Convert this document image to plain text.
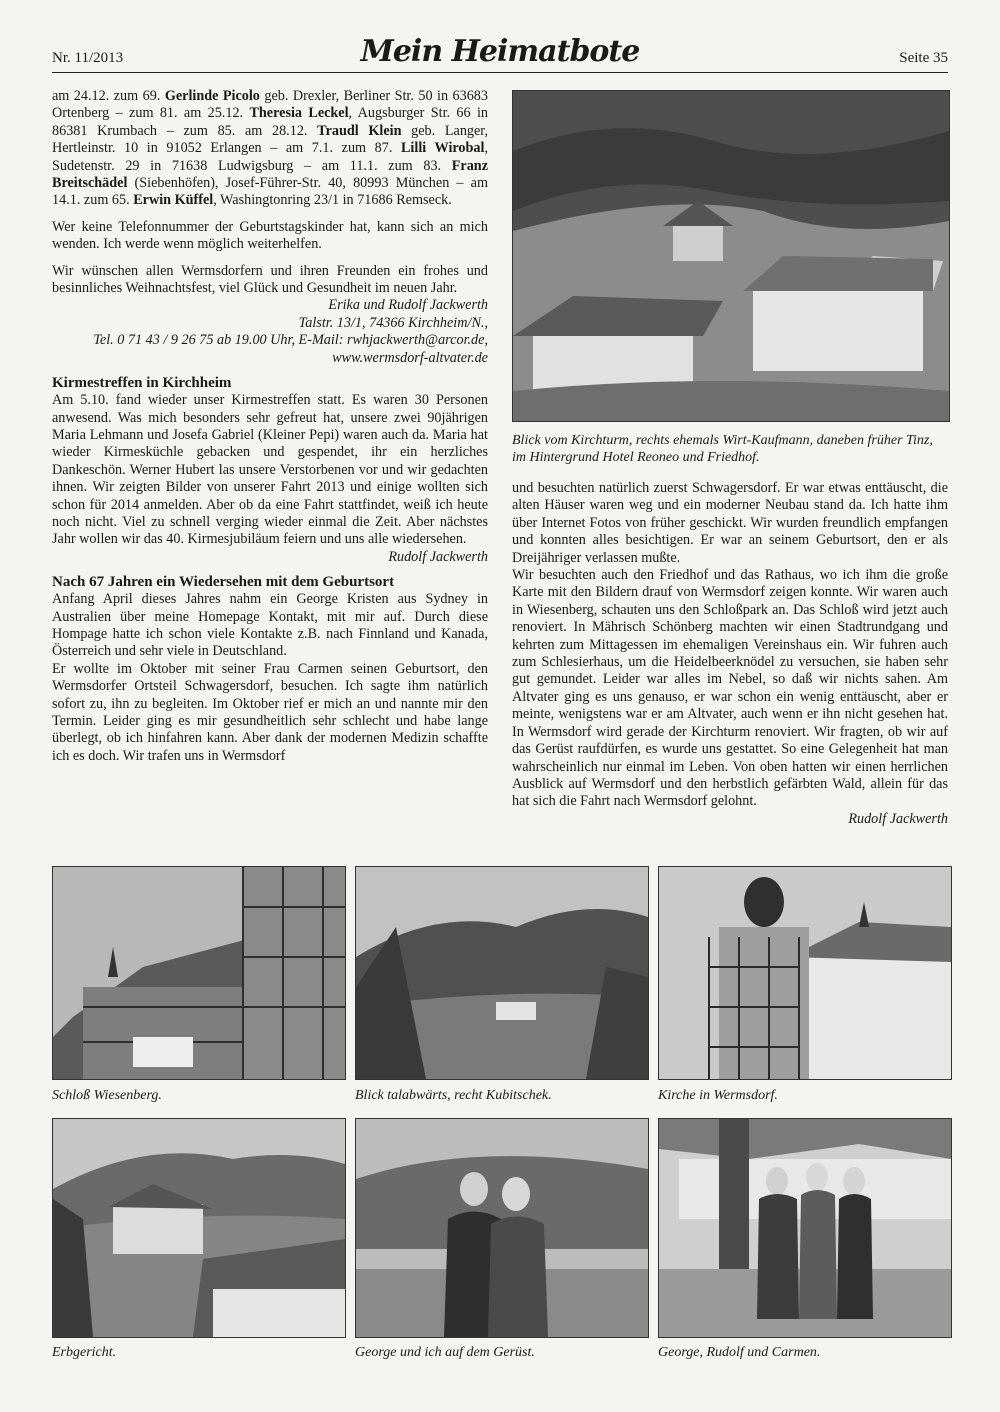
Nr. 11/2013	Mein Heimatbote	Seite 35

am 24.12. zum 69. Gerlinde Picolo geb. Drexler, Berliner Str. 50 in 63683 Ortenberg – zum 81. am 25.12. Theresia Leckel, Augsburger Str. 66 in 86381 Krumbach – zum 85. am 28.12. Traudl Klein geb. Langer, Hertleinstr. 10 in 91052 Erlangen – am 7.1. zum 87. Lilli Wirobal, Sudetenstr. 29 in 71638 Ludwigsburg – am 11.1. zum 83. Franz Breitschädel (Siebenhöfen), Josef-Führer-Str. 40, 80993 München – am 14.1. zum 65. Erwin Küffel, Washingtonring 23/1 in 71686 Remseck.

Wer keine Telefonnummer der Geburtstagskinder hat, kann sich an mich wenden. Ich werde wenn möglich weiterhelfen.

Wir wünschen allen Wermsdorfern und ihren Freunden ein frohes und besinnliches Weihnachtsfest, viel Glück und Gesundheit im neuen Jahr.

Erika und Rudolf Jackwerth
Talstr. 13/1, 74366 Kirchheim/N.,
Tel. 0 71 43 / 9 26 75 ab 19.00 Uhr, E-Mail: rwhjackwerth@arcor.de,
www.wermsdorf-altvater.de
Kirmestreffen in Kirchheim

Am 5.10. fand wieder unser Kirmestreffen statt. Es waren 30 Personen anwesend. Was mich besonders sehr gefreut hat, unsere zwei 90jährigen Maria Lehmann und Josefa Gabriel (Kleiner Pepi) waren auch da. Maria hat wieder Kirmesküchle gebacken und gespendet, ihr ein herzliches Dankeschön. Werner Hubert las unsere Verstorbenen vor und wir gedachten ihnen. Wir zeigten Bilder von unserer Fahrt 2013 und einige wollten sich schon für 2014 anmelden. Aber ob da eine Fahrt stattfindet, weiß ich heute noch nicht. Viel zu schnell verging wieder einmal die Zeit. Aber nächstes Jahr wollen wir das 40. Kirmesjubiläum feiern und uns alle wiedersehen.

Rudolf Jackwerth
Nach 67 Jahren ein Wiedersehen mit dem Geburtsort

Anfang April dieses Jahres nahm ein George Kristen aus Sydney in Australien über meine Homepage Kontakt, mit mir auf. Durch diese Hompage hatte ich schon viele Kontakte z.B. nach Finnland und Kanada, Österreich und sehr viele in Deutschland.

Er wollte im Oktober mit seiner Frau Carmen seinen Geburtsort, den Wermsdorfer Ortsteil Schwagersdorf, besuchen. Ich sagte ihm natürlich sofort zu, ihn zu begleiten. Im Oktober rief er mich an und nannte mir den Termin. Leider ging es mir gesundheitlich sehr schlecht und habe lange überlegt, ob ich hinfahren kann. Aber dank der modernen Medizin schaffte ich es doch. Wir trafen uns in Wermsdorf

Blick vom Kirchturm, rechts ehemals Wirt-Kaufmann, daneben früher Tinz, im Hintergrund Hotel Reoneo und Friedhof.

und besuchten natürlich zuerst Schwagersdorf. Er war etwas enttäuscht, die alten Häuser waren weg und ein moderner Neubau stand da. Ich hatte ihm über Internet Fotos von früher geschickt. Wir wurden freundlich empfangen und konnten alles besichtigen. Er war an seinem Geburtsort, den er als Dreijähriger verlassen mußte.

Wir besuchten auch den Friedhof und das Rathaus, wo ich ihm die große Karte mit den Bildern drauf von Wermsdorf zeigen konnte. Wir waren auch in Wiesenberg, schauten uns den Schloßpark an. Das Schloß wird jetzt auch renoviert. In Mährisch Schönberg machten wir einen Stadtrundgang und kehrten zum Mittagessen im ehemaligen Vereinshaus ein. Wir fuhren auch zum Schlesierhaus, um die Heidelbeerknödel zu versuchen, sie haben sehr gut gemundet. Leider war alles im Nebel, so daß wir nichts sahen. Am Altvater ging es uns genauso, er war schon ein wenig enttäuscht, aber er meinte, wenigstens war er am Altvater, auch wenn er ihn nicht gesehen hat. In Wermsdorf wird gerade der Kirchturm renoviert. Wir fragten, ob wir auf das Gerüst raufdürfen, es wurde uns gestattet. So eine Gelegenheit hat man wahrscheinlich nur einmal im Leben. Von oben hatten wir einen herrlichen Ausblick auf Wermsdorf und den herbstlich gefärbten Wald, allein für das hat sich die Fahrt nach Wermsdorf gelohnt.

Rudolf Jackwerth
Schloß Wiesenberg.	Blick talabwärts, recht Kubitschek.	Kirche in Wermsdorf.
Erbgericht.	George und ich auf dem Gerüst.	George, Rudolf und Carmen.
